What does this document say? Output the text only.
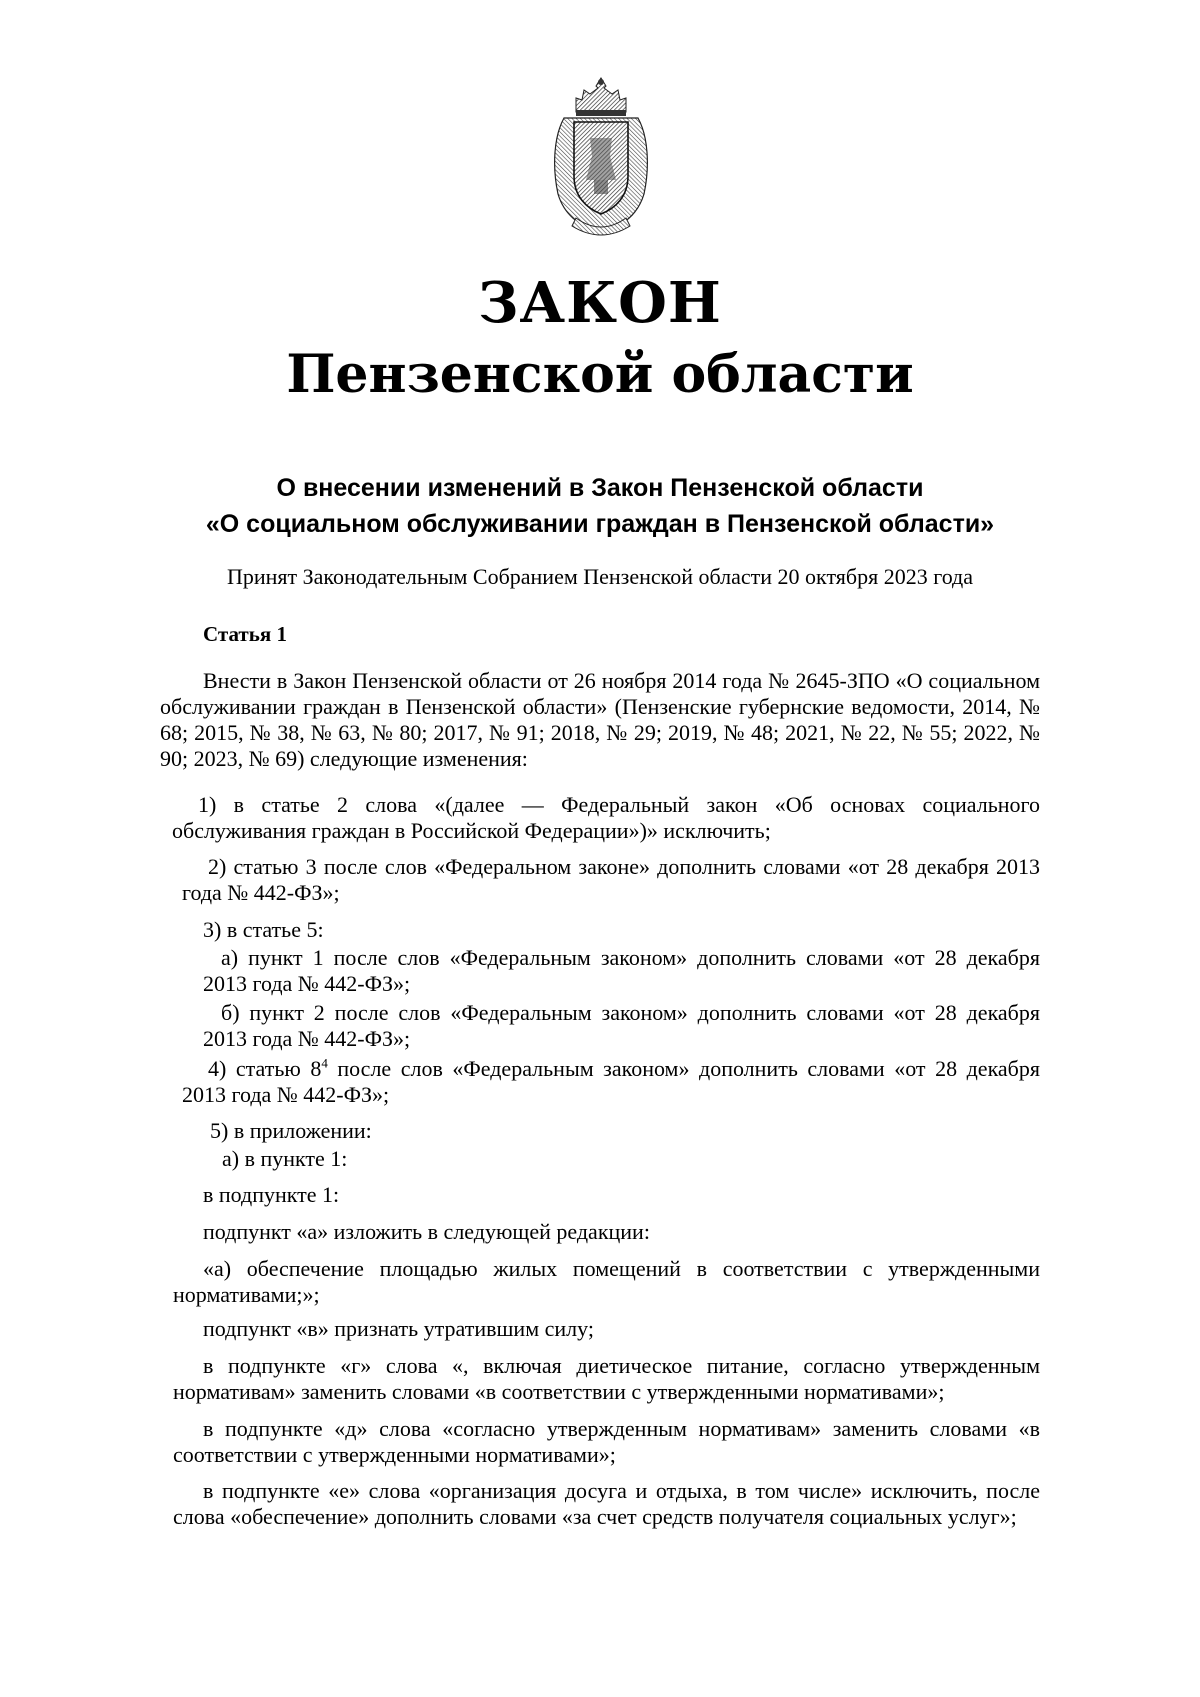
ЗАКОН
Пензенской области
О внесении изменений в Закон Пензенской области
«О социальном обслуживании граждан в Пензенской области»
Принят Законодательным Собранием Пензенской области 20 октября 2023 года
Статья 1

Внести в Закон Пензенской области от 26 ноября 2014 года № 2645-ЗПО «О социальном обслуживании граждан в Пензенской области» (Пензенские губернские ведомости, 2014, № 68; 2015, № 38, № 63, № 80; 2017, № 91; 2018, № 29; 2019, № 48; 2021, № 22, № 55; 2022, № 90; 2023, № 69) следующие изменения:

1) в статье 2 слова «(далее — Федеральный закон «Об основах социального обслуживания граждан в Российской Федерации»)» исключить;

2) статью 3 после слов «Федеральном законе» дополнить словами «от 28 декабря 2013 года № 442-ФЗ»;

3) в статье 5:

а) пункт 1 после слов «Федеральным законом» дополнить словами «от 28 декабря 2013 года № 442-ФЗ»;

б) пункт 2 после слов «Федеральным законом» дополнить словами «от 28 декабря 2013 года № 442-ФЗ»;

4) статью $8^4$ после слов «Федеральным законом» дополнить словами «от 28 декабря 2013 года № 442-ФЗ»;

5) в приложении:

а) в пункте 1:

в подпункте 1:

подпункт «а» изложить в следующей редакции:

«а) обеспечение площадью жилых помещений в соответствии с утвержденными нормативами;»;

подпункт «в» признать утратившим силу;

в подпункте «г» слова «, включая диетическое питание, согласно утвержденным нормативам» заменить словами «в соответствии с утвержденными нормативами»;

в подпункте «д» слова «согласно утвержденным нормативам» заменить словами «в соответствии с утвержденными нормативами»;

в подпункте «е» слова «организация досуга и отдыха, в том числе» исключить, после слова «обеспечение» дополнить словами «за счет средств получателя социальных услуг»;
